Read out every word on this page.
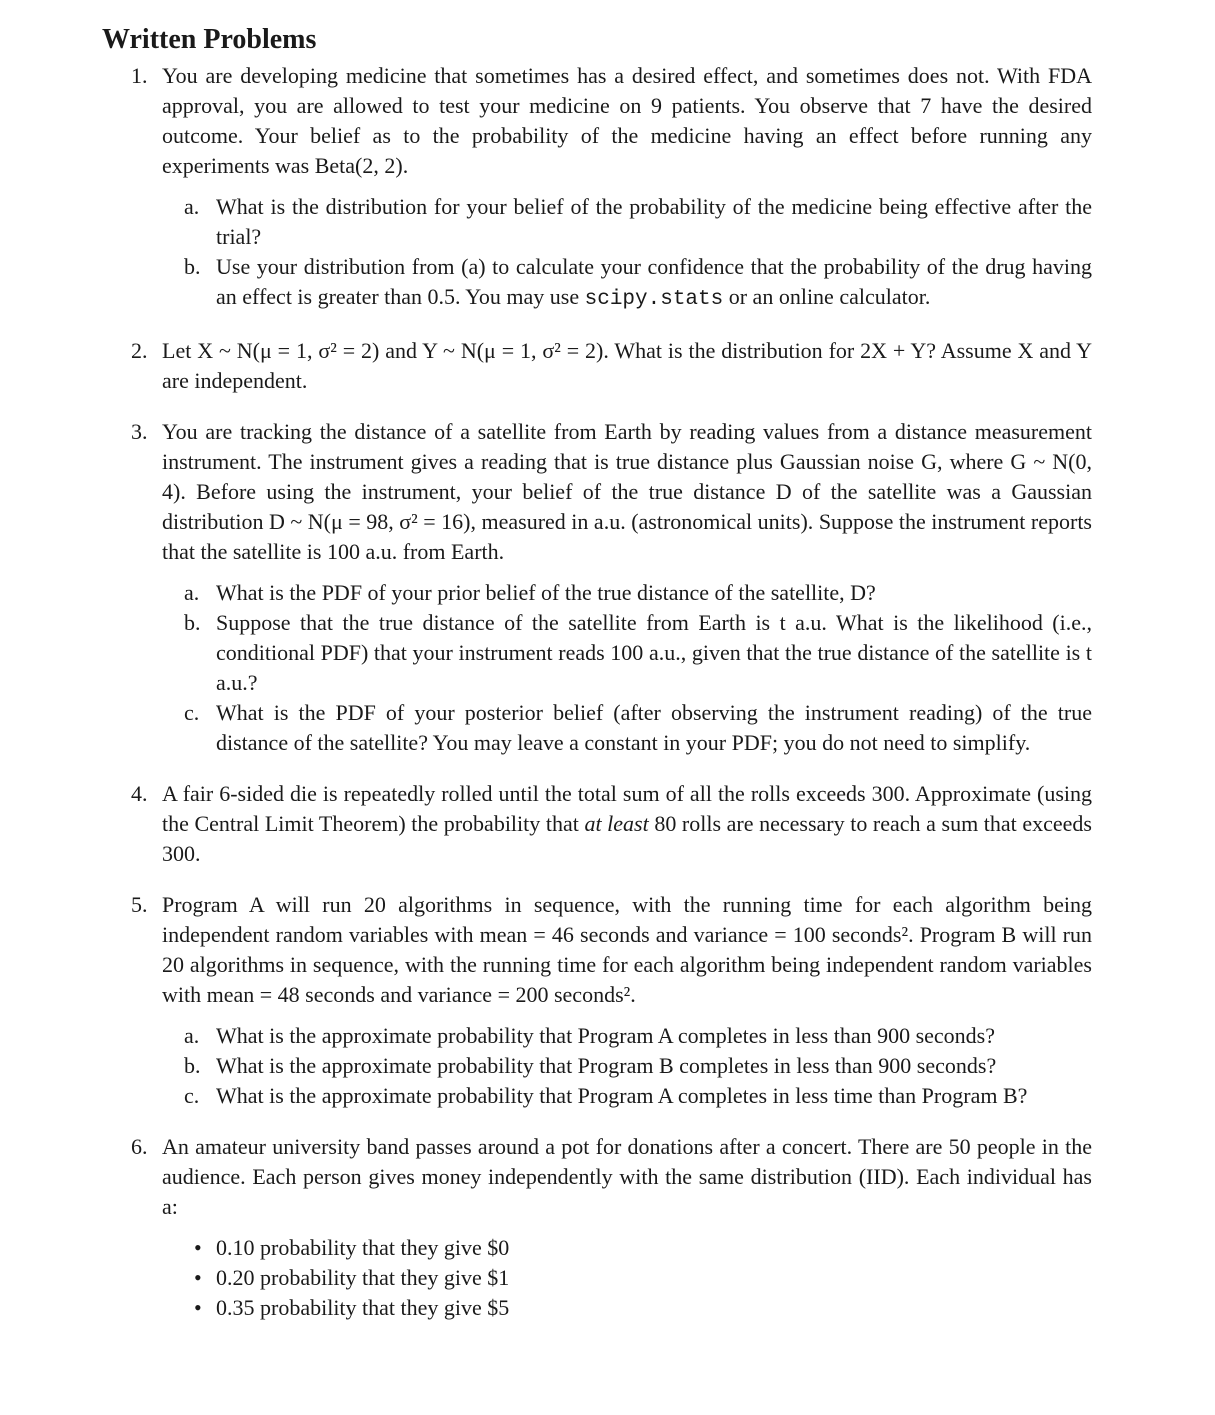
Written Problems
1. You are developing medicine that sometimes has a desired effect, and sometimes does not. With FDA approval, you are allowed to test your medicine on 9 patients. You observe that 7 have the desired outcome. Your belief as to the probability of the medicine having an effect before running any experiments was Beta(2, 2).
a. What is the distribution for your belief of the probability of the medicine being effective after the trial?
b. Use your distribution from (a) to calculate your confidence that the probability of the drug having an effect is greater than 0.5. You may use scipy.stats or an online calculator.
2. Let X ~ N(μ = 1, σ² = 2) and Y ~ N(μ = 1, σ² = 2). What is the distribution for 2X + Y? Assume X and Y are independent.
3. You are tracking the distance of a satellite from Earth by reading values from a distance measurement instrument. The instrument gives a reading that is true distance plus Gaussian noise G, where G ~ N(0, 4). Before using the instrument, your belief of the true distance D of the satellite was a Gaussian distribution D ~ N(μ = 98, σ² = 16), measured in a.u. (astronomical units). Suppose the instrument reports that the satellite is 100 a.u. from Earth.
a. What is the PDF of your prior belief of the true distance of the satellite, D?
b. Suppose that the true distance of the satellite from Earth is t a.u. What is the likelihood (i.e., conditional PDF) that your instrument reads 100 a.u., given that the true distance of the satellite is t a.u.?
c. What is the PDF of your posterior belief (after observing the instrument reading) of the true distance of the satellite? You may leave a constant in your PDF; you do not need to simplify.
4. A fair 6-sided die is repeatedly rolled until the total sum of all the rolls exceeds 300. Approximate (using the Central Limit Theorem) the probability that at least 80 rolls are necessary to reach a sum that exceeds 300.
5. Program A will run 20 algorithms in sequence, with the running time for each algorithm being independent random variables with mean = 46 seconds and variance = 100 seconds². Program B will run 20 algorithms in sequence, with the running time for each algorithm being independent random variables with mean = 48 seconds and variance = 200 seconds².
a. What is the approximate probability that Program A completes in less than 900 seconds?
b. What is the approximate probability that Program B completes in less than 900 seconds?
c. What is the approximate probability that Program A completes in less time than Program B?
6. An amateur university band passes around a pot for donations after a concert. There are 50 people in the audience. Each person gives money independently with the same distribution (IID). Each individual has a:
• 0.10 probability that they give $0
• 0.20 probability that they give $1
• 0.35 probability that they give $5
